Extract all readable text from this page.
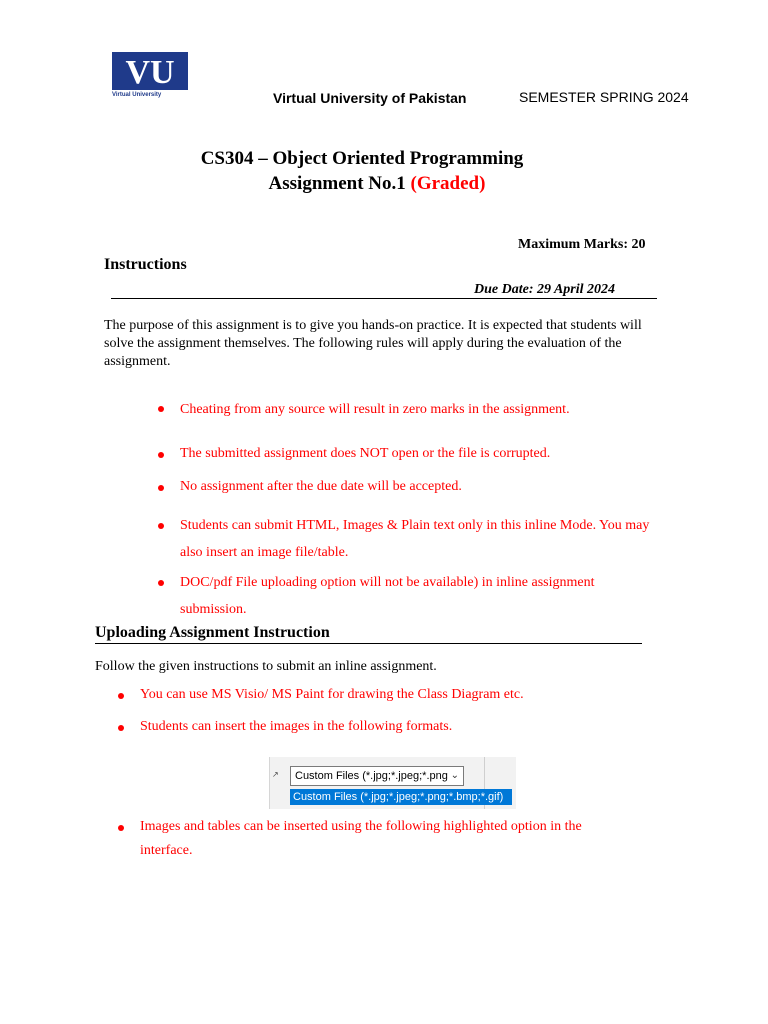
VU
Virtual University	Virtual University of Pakistan	SEMESTER SPRING 2024
CS304 – Object Oriented Programming
Assignment No.1 (Graded)
Maximum Marks: 20
Instructions
Due Date: 29 April 2024
The purpose of this assignment is to give you hands-on practice. It is expected that students will solve the assignment themselves. The following rules will apply during the evaluation of the assignment.
Cheating from any source will result in zero marks in the assignment.
The submitted assignment does NOT open or the file is corrupted.
No assignment after the due date will be accepted.
Students can submit HTML, Images & Plain text only in this inline Mode. You may also insert an image file/table.
DOC/pdf File uploading option will not be available) in inline assignment submission.
Uploading Assignment Instruction
Follow the given instructions to submit an inline assignment.
You can use MS Visio/ MS Paint for drawing the Class Diagram etc.
Students can insert the images in the following formats.
↗	Custom Files (*.jpg;*.jpeg;*.png ⌄
Custom Files (*.jpg;*.jpeg;*.png;*.bmp;*.gif)
Images and tables can be inserted using the following highlighted option in the interface.
